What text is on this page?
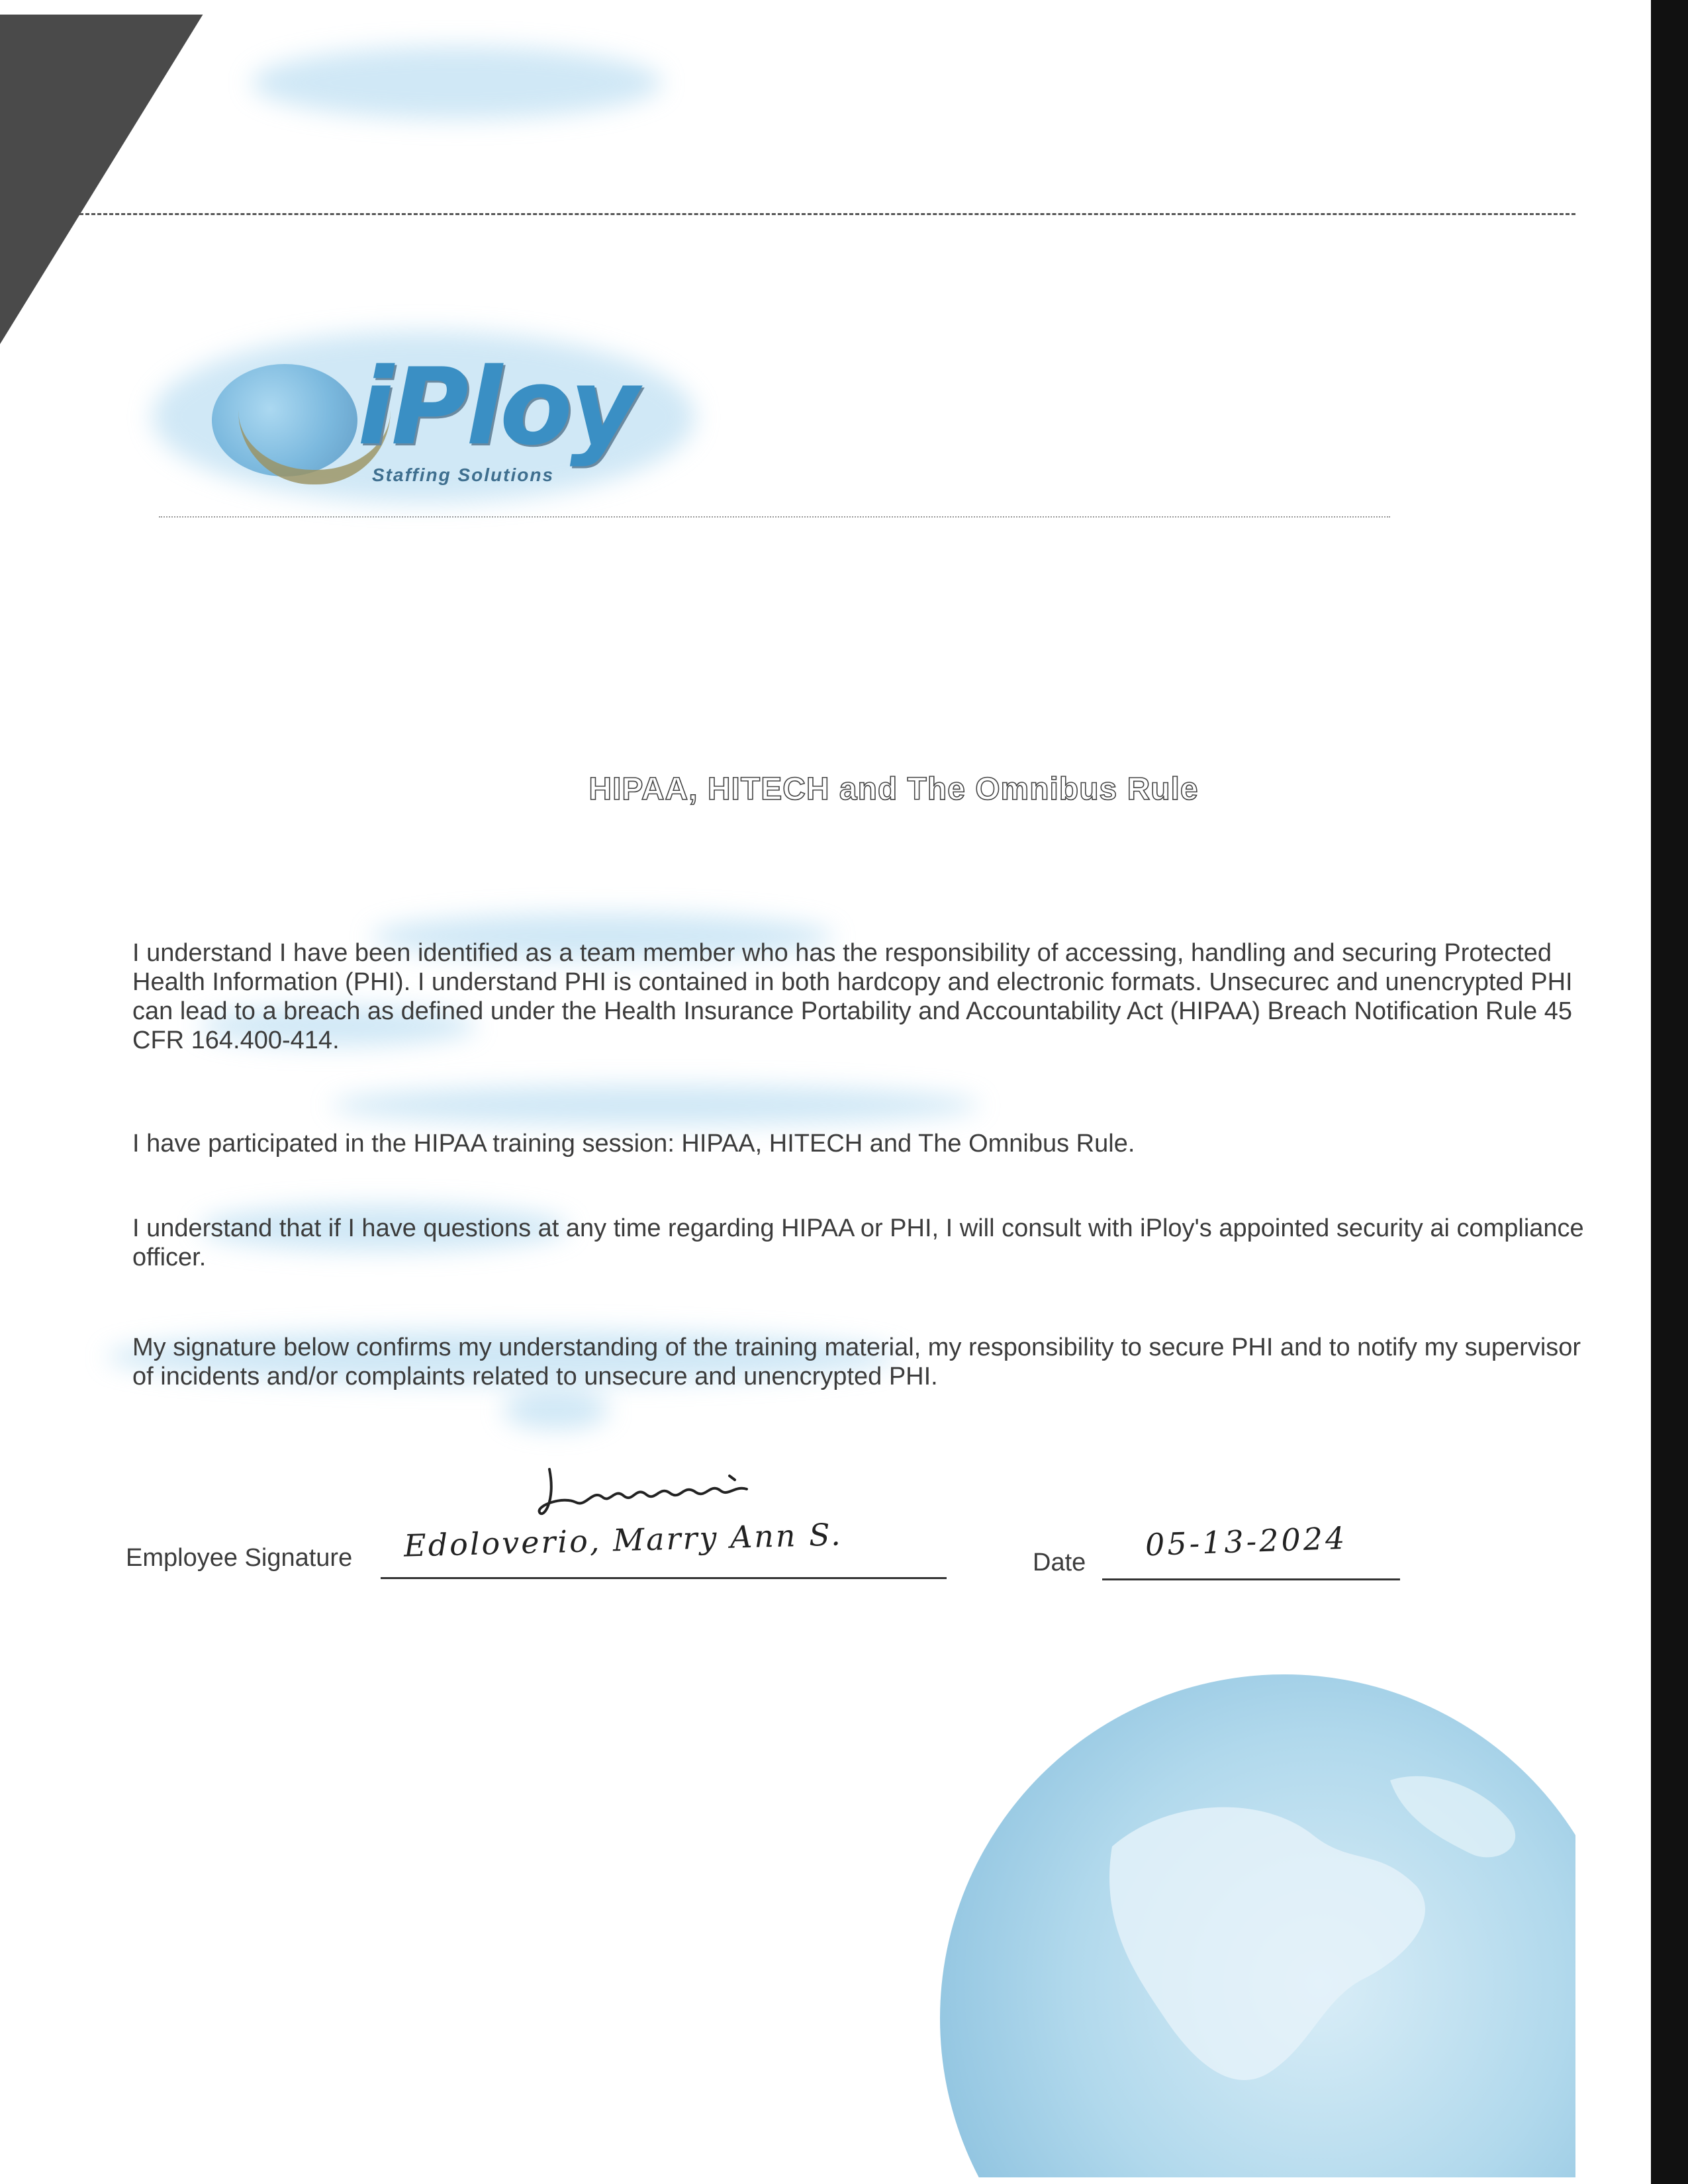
iPloy
Staffing Solutions
HIPAA, HITECH and The Omnibus Rule

I understand I have been identified as a team member who has the responsibility of accessing, handling and securing Protected Health Information (PHI). I understand PHI is contained in both hardcopy and electronic formats. Unsecurec and unencrypted PHI can lead to a breach as defined under the Health Insurance Portability and Accountability Act (HIPAA) Breach Notification Rule 45 CFR 164.400-414.

I have participated in the HIPAA training session: HIPAA, HITECH and The Omnibus Rule.

I understand that if I have questions at any time regarding HIPAA or PHI, I will consult with iPloy's appointed security ai compliance officer.

My signature below confirms my understanding of the training material, my responsibility to secure PHI and to notify my supervisor of incidents and/or complaints related to unsecure and unencrypted PHI.

Employee Signature Edoloverio, Marry Ann S.	Date 05-13-2024
